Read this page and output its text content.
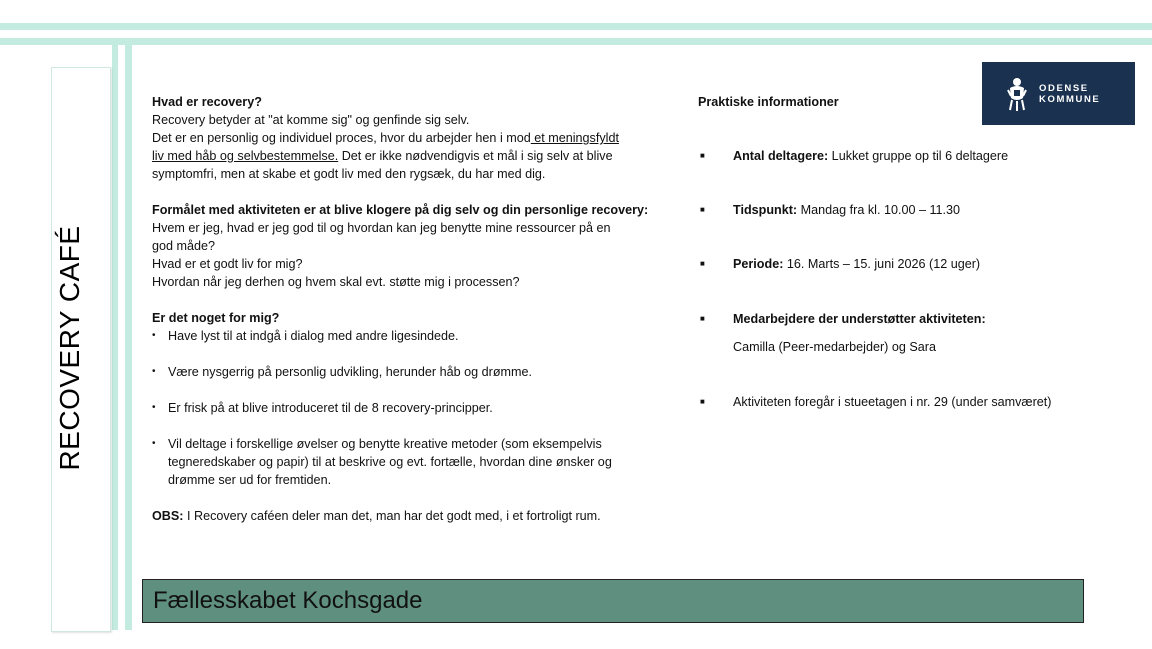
RECOVERY CAFÉ
ODENSE
KOMMUNE

Hvad er recovery?

Recovery betyder at "at komme sig" og genfinde sig selv.

Det er en personlig og individuel proces, hvor du arbejder hen i mod et meningsfyldt

liv med håb og selvbestemmelse. Det er ikke nødvendigvis et mål i sig selv at blive

symptomfri, men at skabe et godt liv med den rygsæk, du har med dig.

Formålet med aktiviteten er at blive klogere på dig selv og din personlige recovery:

Hvem er jeg, hvad er jeg god til og hvordan kan jeg benytte mine ressourcer på en

god måde?

Hvad er et godt liv for mig?

Hvordan når jeg derhen og hvem skal evt. støtte mig i processen?

Er det noget for mig?

• Have lyst til at indgå i dialog med andre ligesindede.
• Være nysgerrig på personlig udvikling, herunder håb og drømme.
• Er frisk på at blive introduceret til de 8 recovery-principper.
• Vil deltage i forskellige øvelser og benytte kreative metoder (som eksempelvis tegneredskaber og papir) til at beskrive og evt. fortælle, hvordan dine ønsker og drømme ser ud for fremtiden.

OBS: I Recovery caféen deler man det, man har det godt med, i et fortroligt rum.

Praktiske informationer

■	Antal deltagere: Lukket gruppe op til 6 deltagere
■	Tidspunkt: Mandag fra kl. 10.00 – 11.30
■	Periode: 16. Marts – 15. juni 2026 (12 uger)
■	Medarbejdere der understøtter aktiviteten:
Camilla (Peer-medarbejder) og Sara
■	Aktiviteten foregår i stueetagen i nr. 29 (under samværet)
Fællesskabet Kochsgade
